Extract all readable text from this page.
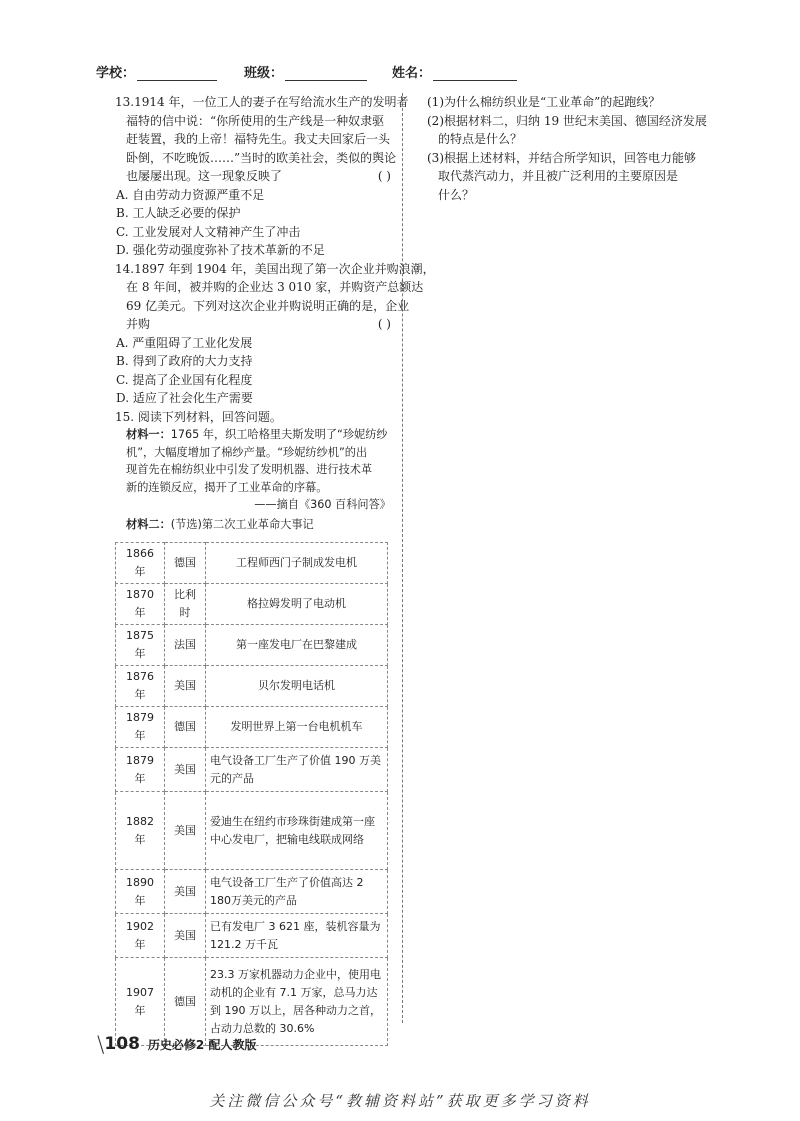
学校：	班级：	姓名：

13.1914 年，一位工人的妻子在写给流水生产的发明者

福特的信中说：“你所使用的生产线是一种奴隶驱

赶装置，我的上帝！福特先生。我丈夫回家后一头

卧倒，不吃晚饭……”当时的欧美社会，类似的舆论

也屡屡出现。这一现象反映了	( )

A. 自由劳动力资源严重不足

B. 工人缺乏必要的保护

C. 工业发展对人文精神产生了冲击

D. 强化劳动强度弥补了技术革新的不足

14.1897 年到 1904 年，美国出现了第一次企业并购浪潮，

在 8 年间，被并购的企业达 3 010 家，并购资产总额达

69 亿美元。下列对这次企业并购说明正确的是，企业

并购	( )

A. 严重阻碍了工业化发展

B. 得到了政府的大力支持

C. 提高了企业国有化程度

D. 适应了社会化生产需要

15. 阅读下列材料，回答问题。

材料一：1765 年，织工哈格里夫斯发明了“珍妮纺纱
机”，大幅度增加了棉纱产量。“珍妮纺纱机”的出
现首先在棉纺织业中引发了发明机器、进行技术革
新的连锁反应，揭开了工业革命的序幕。
——摘自《360 百科问答》
材料二：(节选)第二次工业革命大事记
1866 年	德国	工程师西门子制成发电机
1870 年	比利时	格拉姆发明了电动机
1875 年	法国	第一座发电厂在巴黎建成
1876 年	美国	贝尔发明电话机
1879 年	德国	发明世界上第一台电机机车
1879 年	美国	电气设备工厂生产了价值 190 万美元的产品
1882 年	美国	爱迪生在纽约市珍珠街建成第一座中心发电厂，把输电线联成网络
1890 年	美国	电气设备工厂生产了价值高达 2 180万美元的产品
1902 年	美国	已有发电厂 3 621 座，装机容量为 121.2 万千瓦
1907 年	德国	23.3 万家机器动力企业中，使用电动机的企业有 7.1 万家，总马力达到 190 万以上，居各种动力之首，占动力总数的 30.6%

(1)为什么棉纺织业是“工业革命”的起跑线？

(2)根据材料二，归纳 19 世纪末美国、德国经济发展

的特点是什么？

(3)根据上述材料，并结合所学知识，回答电力能够

取代蒸汽动力，并且被广泛利用的主要原因是

什么？

\108 历史必修2 配人教版
关注微信公众号“教辅资料站”获取更多学习资料
